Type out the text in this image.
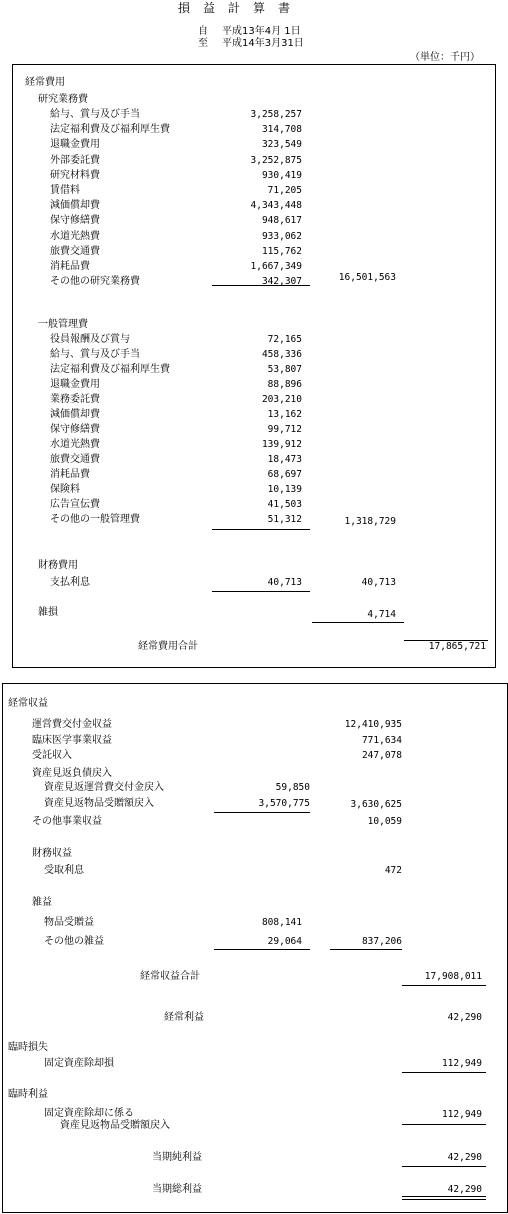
損益計算書
自 平成13年4月 1日
至 平成14年3月31日
（単位：千円）
経常費用
研究業務費
給与、賞与及び手当	3,258,257
法定福利費及び福利厚生費	314,708
退職金費用	323,549
外部委託費	3,252,875
研究材料費	930,419
賃借料	71,205
減価償却費	4,343,448
保守修繕費	948,617
水道光熱費	933,062
旅費交通費	115,762
消耗品費	1,667,349
その他の研究業務費	342,307	16,501,563
一般管理費
役員報酬及び賞与	72,165
給与、賞与及び手当	458,336
法定福利費及び福利厚生費	53,807
退職金費用	88,896
業務委託費	203,210
減価償却費	13,162
保守修繕費	99,712
水道光熱費	139,912
旅費交通費	18,473
消耗品費	68,697
保険料	10,139
広告宣伝費	41,503
その他の一般管理費	51,312	1,318,729
財務費用
支払利息	40,713	40,713
雑損	4,714
経常費用合計	17,865,721
経常収益
運営費交付金収益	12,410,935
臨床医学事業収益	771,634
受託収入	247,078
資産見返負債戻入
資産見返運営費交付金戻入	59,850
資産見返物品受贈額戻入	3,570,775	3,630,625
その他事業収益	10,059
財務収益
受取利息	472
雑益
物品受贈益	808,141
その他の雑益	29,064	837,206
経常収益合計	17,908,011
経常利益	42,290
臨時損失
固定資産除却損	112,949
臨時利益
固定資産除却に係る
資産見返物品受贈額戻入
112,949
当期純利益	42,290
当期総利益	42,290
